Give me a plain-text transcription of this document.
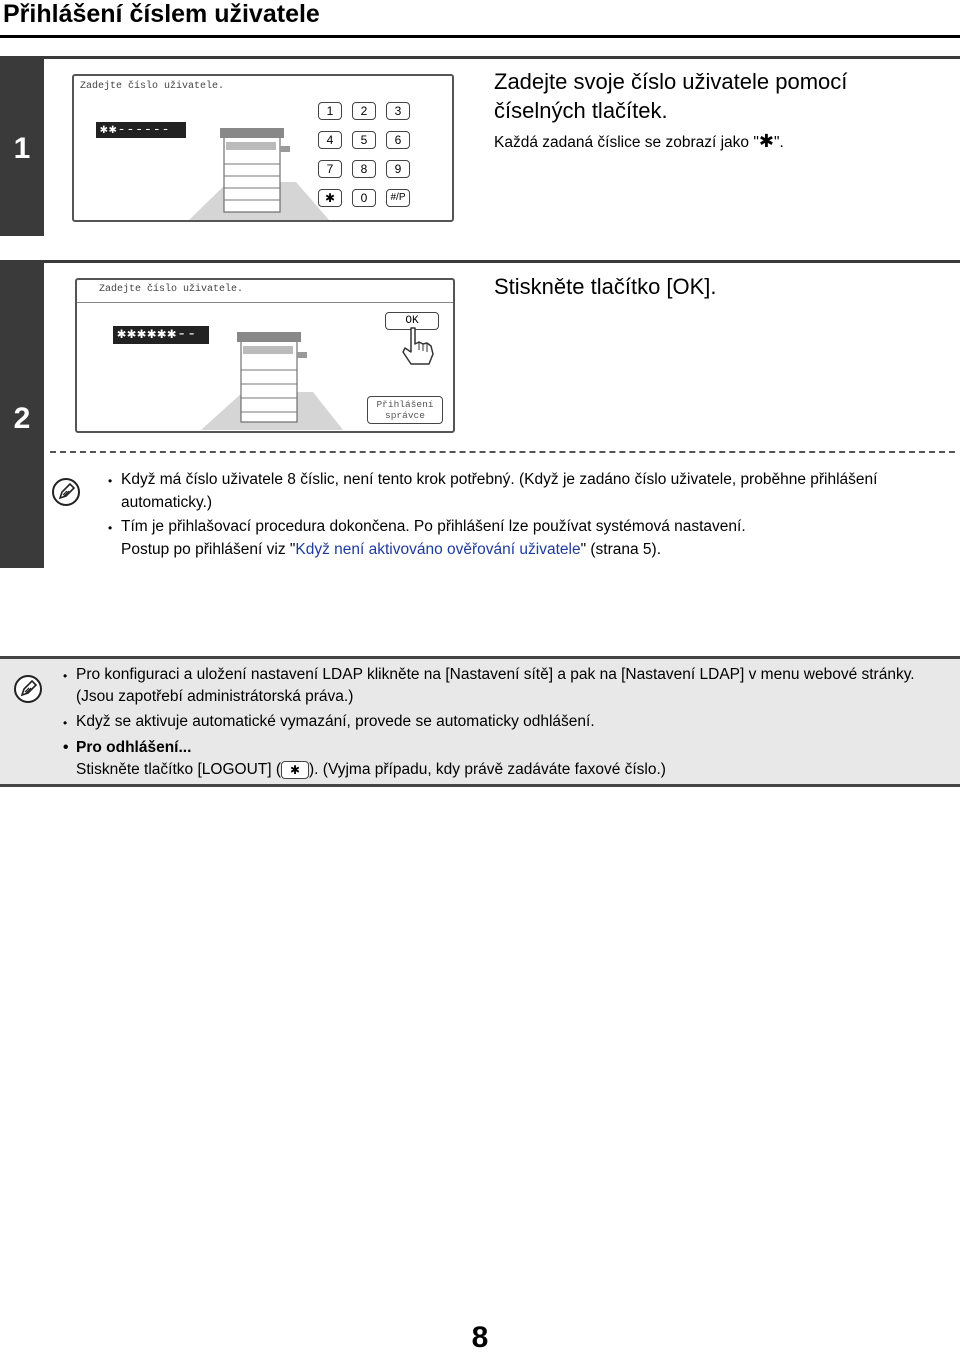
Přihlášení číslem uživatele
1
Zadejte číslo uživatele.
✱✱------
1	2	3
4	5	6
7	8	9
✱	0	#/P
Zadejte svoje číslo uživatele pomocí
číselných tlačítek.
Každá zadaná číslice se zobrazí jako "✱".
2
Zadejte číslo uživatele.
✱✱✱✱✱✱--
OK
Přihlášení
správce
Stiskněte tlačítko [OK].
• Když má číslo uživatele 8 číslic, není tento krok potřebný. (Když je zadáno číslo uživatele, proběhne přihlášení
automaticky.)
• Tím je přihlašovací procedura dokončena. Po přihlášení lze používat systémová nastavení.
Postup po přihlášení viz "Když není aktivováno ověřování uživatele" (strana 5).
• Pro konfiguraci a uložení nastavení LDAP klikněte na [Nastavení sítě] a pak na [Nastavení LDAP] v menu webové stránky.
(Jsou zapotřebí administrátorská práva.)
• Když se aktivuje automatické vymazání, provede se automaticky odhlášení.
• Pro odhlášení...
Stiskněte tlačítko [LOGOUT] ( ✱ ). (Vyjma případu, kdy právě zadáváte faxové číslo.)
8
